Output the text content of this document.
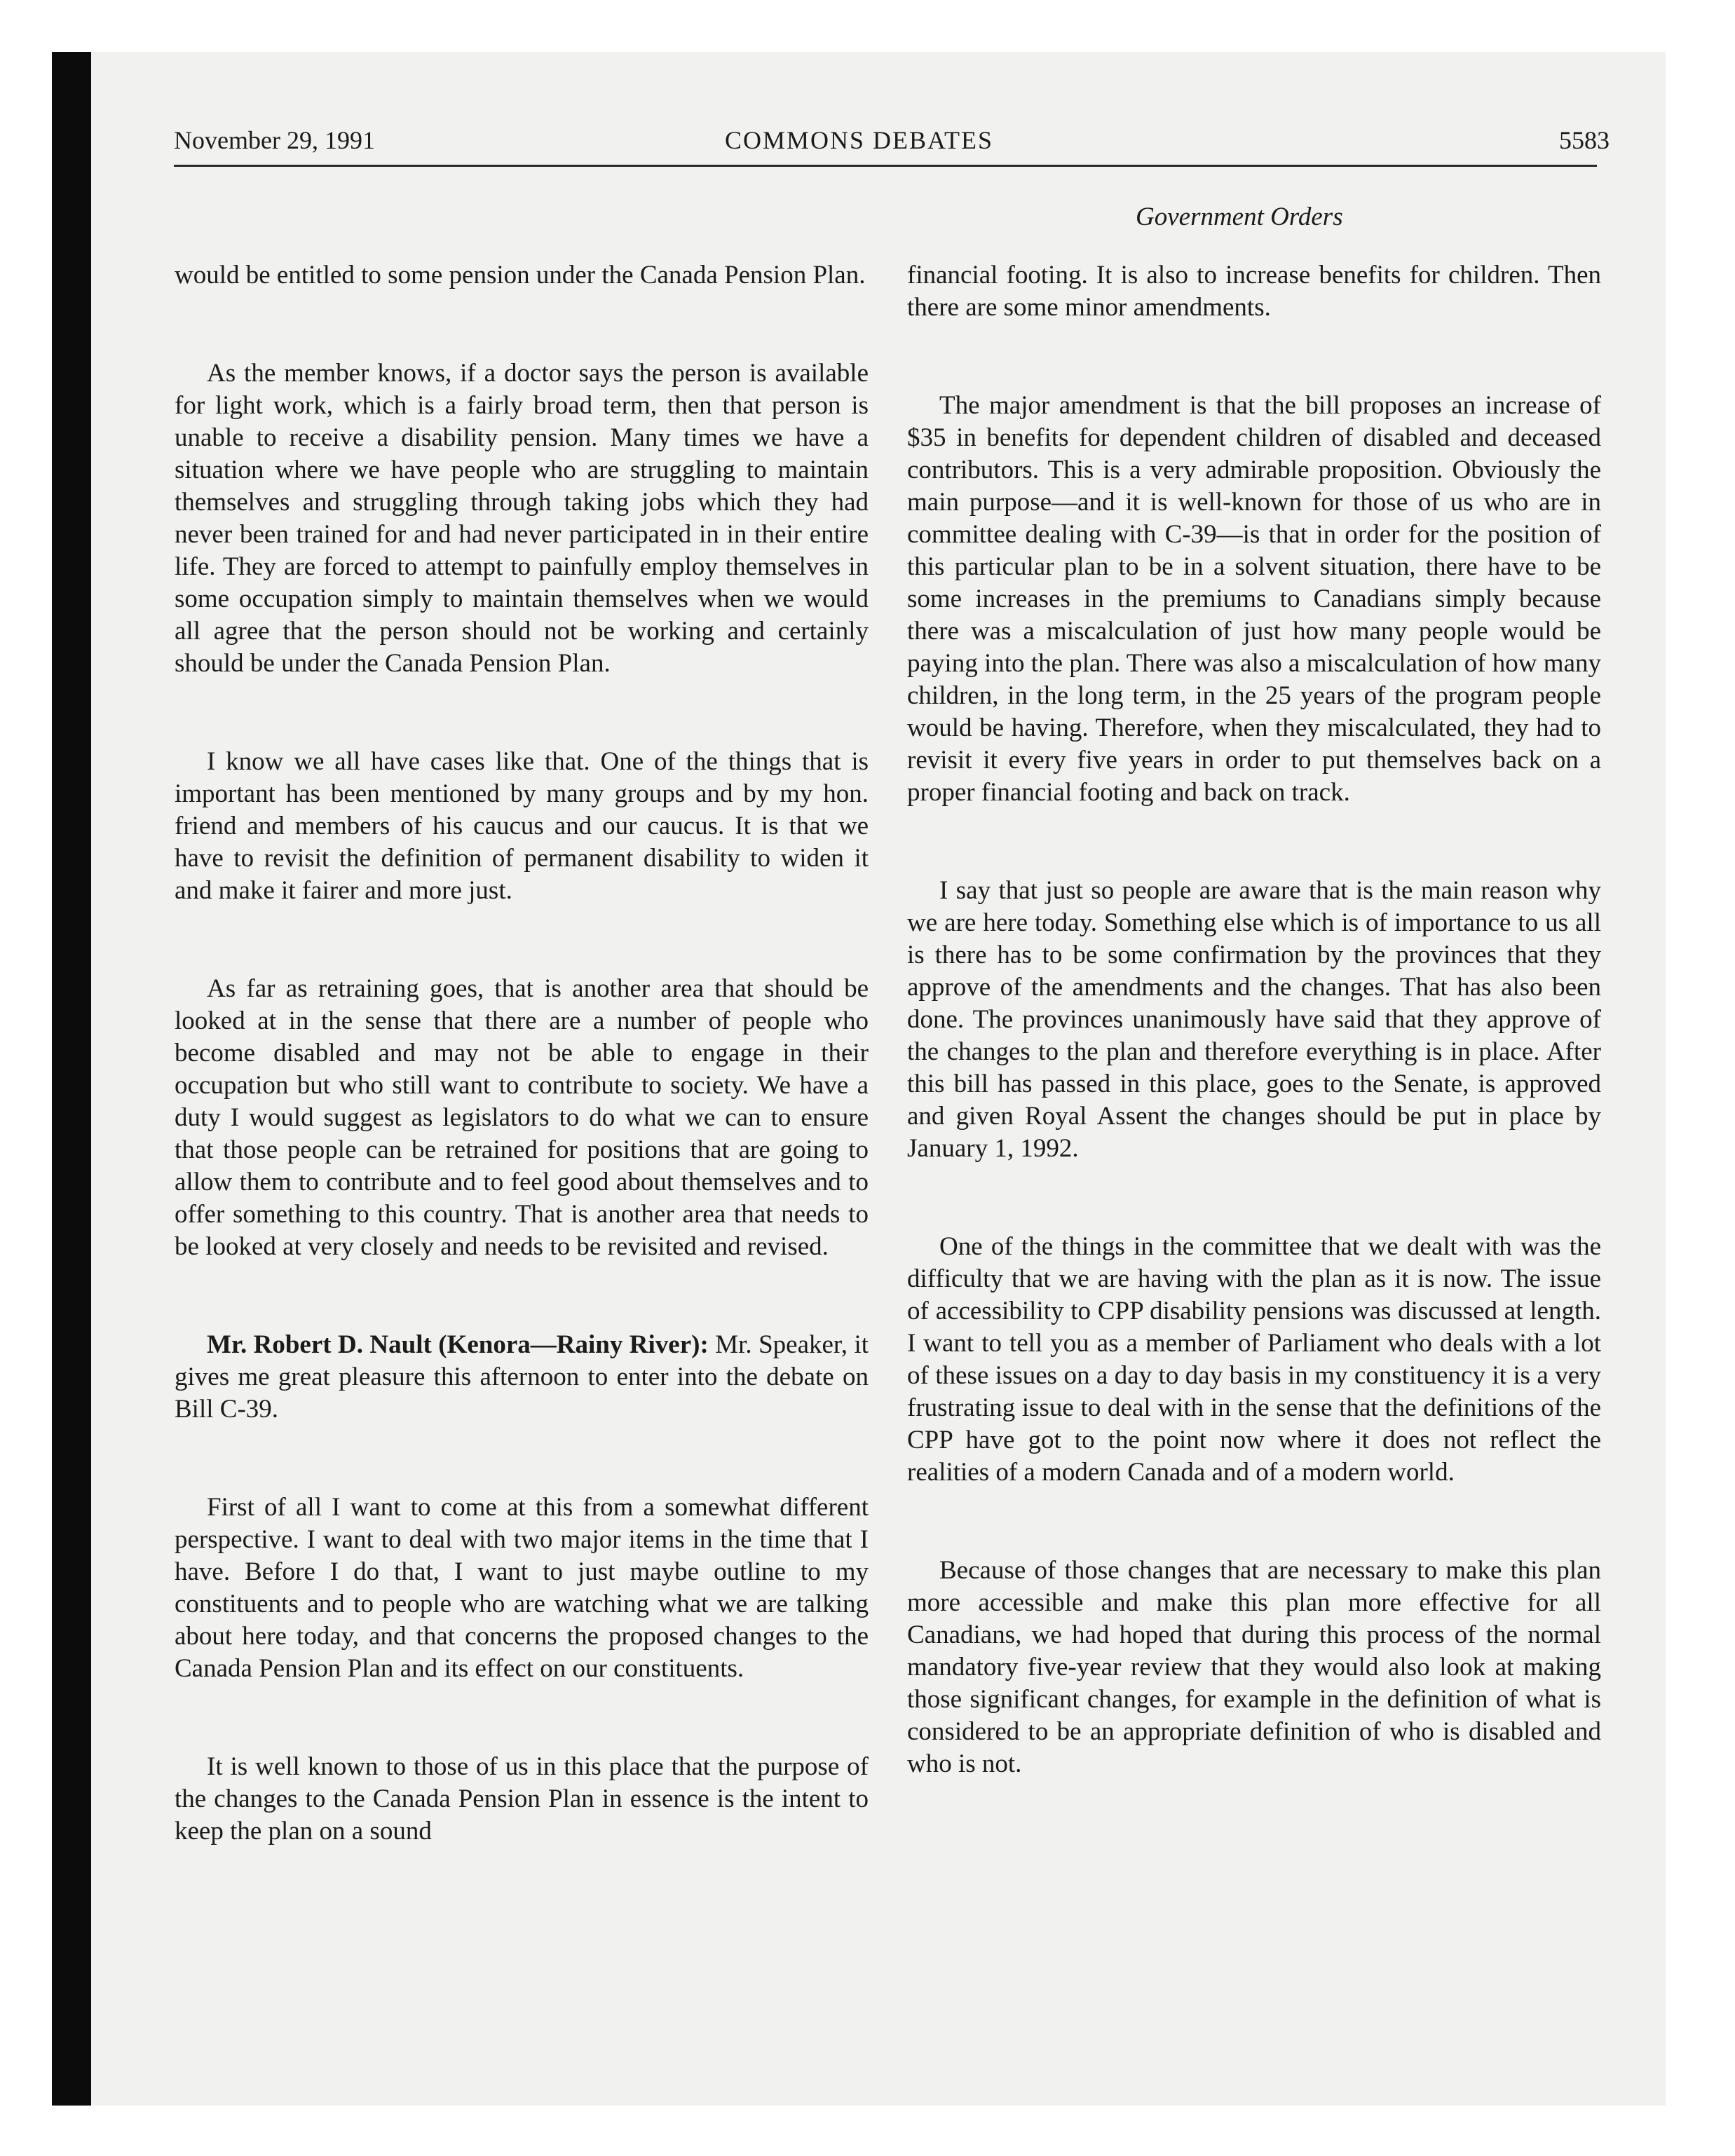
November 29, 1991	COMMONS DEBATES	5583
Government Orders

would be entitled to some pension under the Canada Pension Plan.

As the member knows, if a doctor says the person is available for light work, which is a fairly broad term, then that person is unable to receive a disability pension. Many times we have a situation where we have people who are struggling to maintain themselves and struggling through taking jobs which they had never been trained for and had never participated in in their entire life. They are forced to attempt to painfully employ themselves in some occupation simply to maintain themselves when we would all agree that the person should not be working and certainly should be under the Canada Pension Plan.

I know we all have cases like that. One of the things that is important has been mentioned by many groups and by my hon. friend and members of his caucus and our caucus. It is that we have to revisit the definition of permanent disability to widen it and make it fairer and more just.

As far as retraining goes, that is another area that should be looked at in the sense that there are a number of people who become disabled and may not be able to engage in their occupation but who still want to contribute to society. We have a duty I would suggest as legislators to do what we can to ensure that those people can be retrained for positions that are going to allow them to contribute and to feel good about themselves and to offer something to this country. That is another area that needs to be looked at very closely and needs to be revisited and revised.

Mr. Robert D. Nault (Kenora—Rainy River): Mr. Speaker, it gives me great pleasure this afternoon to enter into the debate on Bill C-39.

First of all I want to come at this from a somewhat different perspective. I want to deal with two major items in the time that I have. Before I do that, I want to just maybe outline to my constituents and to people who are watching what we are talking about here today, and that concerns the proposed changes to the Canada Pension Plan and its effect on our constituents.

It is well known to those of us in this place that the purpose of the changes to the Canada Pension Plan in essence is the intent to keep the plan on a sound

financial footing. It is also to increase benefits for children. Then there are some minor amendments.

The major amendment is that the bill proposes an increase of $35 in benefits for dependent children of disabled and deceased contributors. This is a very admirable proposition. Obviously the main purpose—and it is well-known for those of us who are in committee dealing with C-39—is that in order for the position of this particular plan to be in a solvent situation, there have to be some increases in the premiums to Canadians simply because there was a miscalculation of just how many people would be paying into the plan. There was also a miscalculation of how many children, in the long term, in the 25 years of the program people would be having. Therefore, when they miscalculated, they had to revisit it every five years in order to put themselves back on a proper financial footing and back on track.

I say that just so people are aware that is the main reason why we are here today. Something else which is of importance to us all is there has to be some confirmation by the provinces that they approve of the amendments and the changes. That has also been done. The provinces unanimously have said that they approve of the changes to the plan and therefore everything is in place. After this bill has passed in this place, goes to the Senate, is approved and given Royal Assent the changes should be put in place by January 1, 1992.

One of the things in the committee that we dealt with was the difficulty that we are having with the plan as it is now. The issue of accessibility to CPP disability pensions was discussed at length. I want to tell you as a member of Parliament who deals with a lot of these issues on a day to day basis in my constituency it is a very frustrating issue to deal with in the sense that the definitions of the CPP have got to the point now where it does not reflect the realities of a modern Canada and of a modern world.

Because of those changes that are necessary to make this plan more accessible and make this plan more effective for all Canadians, we had hoped that during this process of the normal mandatory five-year review that they would also look at making those significant changes, for example in the definition of what is considered to be an appropriate definition of who is disabled and who is not.
